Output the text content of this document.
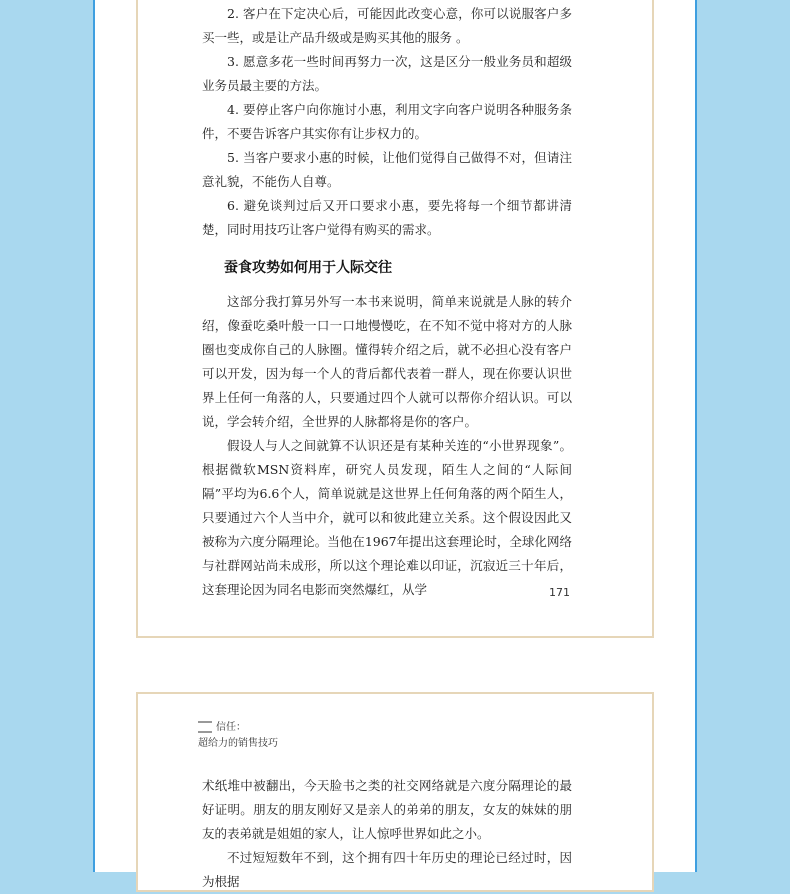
2. 客户在下定决心后，可能因此改变心意，你可以说服客户多买一些，或是让产品升级或是购买其他的服务 。

3. 愿意多花一些时间再努力一次，这是区分一般业务员和超级业务员最主要的方法。

4. 要停止客户向你施讨小惠，利用文字向客户说明各种服务条件，不要告诉客户其实你有让步权力的。

5. 当客户要求小惠的时候，让他们觉得自己做得不对，但请注意礼貌，不能伤人自尊。

6. 避免谈判过后又开口要求小惠，要先将每一个细节都讲清楚，同时用技巧让客户觉得有购买的需求。

蚕食攻势如何用于人际交往

这部分我打算另外写一本书来说明，简单来说就是人脉的转介绍，像蚕吃桑叶般一口一口地慢慢吃，在不知不觉中将对方的人脉圈也变成你自己的人脉圈。懂得转介绍之后，就不必担心没有客户可以开发，因为每一个人的背后都代表着一群人，现在你要认识世界上任何一角落的人，只要通过四个人就可以帮你介绍认识。可以说，学会转介绍，全世界的人脉都将是你的客户。

假设人与人之间就算不认识还是有某种关连的“小世界现象”。根据微软MSN资料库，研究人员发现，陌生人之间的“人际间隔”平均为6.6个人，简单说就是这世界上任何角落的两个陌生人，只要通过六个人当中介，就可以和彼此建立关系。这个假设因此又被称为六度分隔理论。当他在1967年提出这套理论时，全球化网络与社群网站尚未成形，所以这个理论难以印证，沉寂近三十年后，这套理论因为同名电影而突然爆红，从学	171
信任：
超给力的销售技巧

术纸堆中被翻出，今天脸书之类的社交网络就是六度分隔理论的最好证明。朋友的朋友刚好又是亲人的弟弟的朋友，女友的妹妹的朋友的表弟就是姐姐的家人，让人惊呼世界如此之小。

不过短短数年不到，这个拥有四十年历史的理论已经过时，因为根据
